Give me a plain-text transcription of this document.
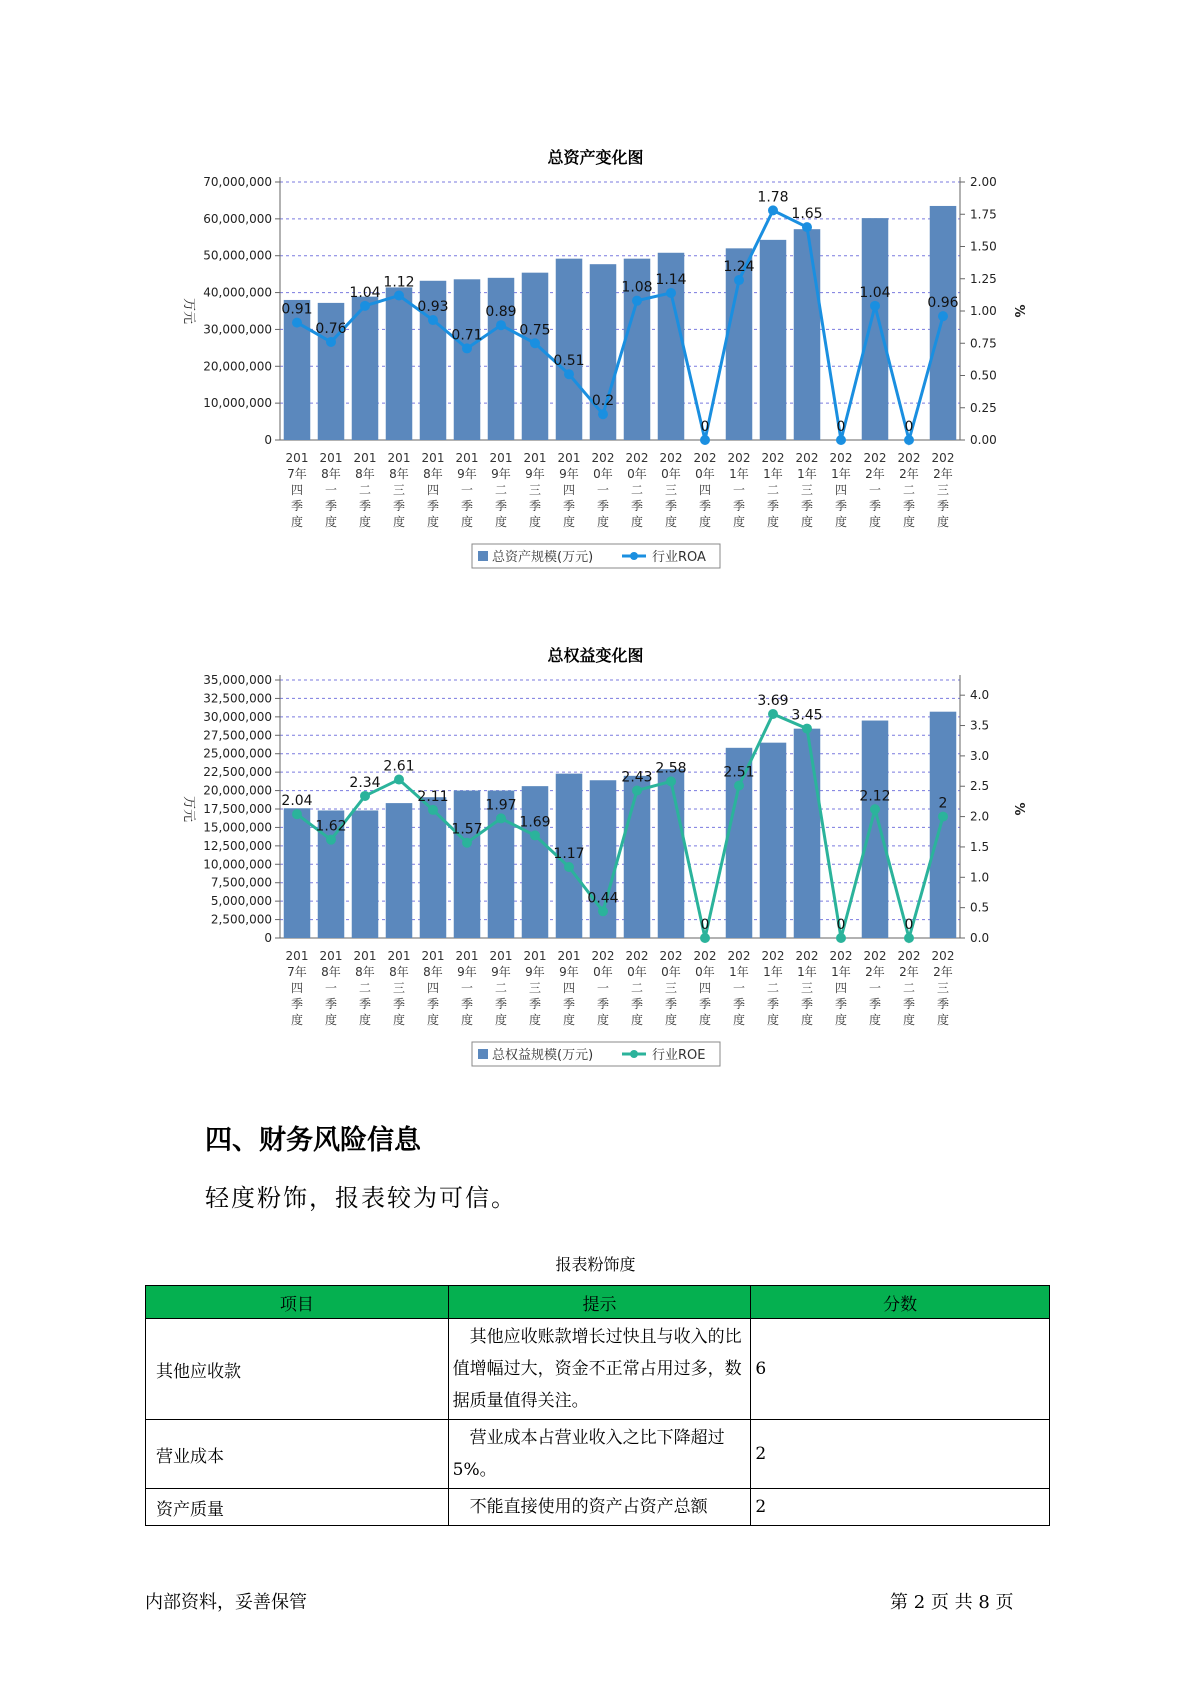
总资产变化图
70,000,000
60,000,000
50,000,000
40,000,000
30,000,000
20,000,000
10,000,000
0
2.00
1.75
1.50
1.25
1.00
0.75
0.50
0.25
0.00
万元	%
201
7年
四
季
度
201
8年
一
季
度
201
8年
二
季
度
201
8年
三
季
度
201
8年
四
季
度
201
9年
一
季
度
201
9年
二
季
度
201
9年
三
季
度
201
9年
四
季
度
202
0年
一
季
度
202
0年
二
季
度
202
0年
三
季
度
202
0年
四
季
度
202
1年
一
季
度
202
1年
二
季
度
202
1年
三
季
度
202
1年
四
季
度
202
2年
一
季
度
202
2年
二
季
度
202
2年
三
季
度
0.91
0.76
1.04
1.12
0.93
0.71
0.89
0.75
0.51
0.2
1.08 1.14
0
1.24
1.78
1.65
0
1.04
0
0.96
总资产规模(万元)	行业ROA
总权益变化图
35,000,000
32,500,000
30,000,000
27,500,000
25,000,000
22,500,000
20,000,000
17,500,000
15,000,000
12,500,000
10,000,000
7,500,000
5,000,000
2,500,000
0
4.0
3.5
3.0
2.5
2.0
1.5
1.0
0.5
0.0
万元	%
201
7年
四
季
度
201
8年
一
季
度
201
8年
二
季
度
201
8年
三
季
度
201
8年
四
季
度
201
9年
一
季
度
201
9年
二
季
度
201
9年
三
季
度
201
9年
四
季
度
202
0年
一
季
度
202
0年
二
季
度
202
0年
三
季
度
202
0年
四
季
度
202
1年
一
季
度
202
1年
二
季
度
202
1年
三
季
度
202
1年
四
季
度
202
2年
一
季
度
202
2年
二
季
度
202
2年
三
季
度
2.04
1.62
2.34
2.61
2.11
1.57
1.97
1.69
1.17
0.44
2.43
2.58
0
2.51
3.69
3.45
0
2.12
0
2
总权益规模(万元)	行业ROE
四、财务风险信息
轻度粉饰，报表较为可信。
报表粉饰度
项目	提示	分数
其他应收款	其他应收账款增长过快且与收入的比值增幅过大，资金不正常占用过多，数据质量值得关注。	6
营业成本	营业成本占营业收入之比下降超过5%。	2
资产质量	不能直接使用的资产占资产总额	2
内部资料，妥善保管	第 2 页 共 8 页
